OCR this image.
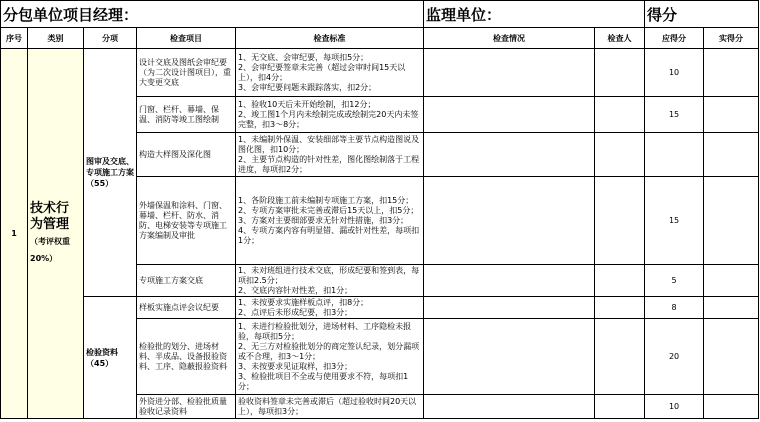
分包单位项目经理：					监理单位：		得分	
序号	类别	分项	检查项目	检查标准	检查情况	检查人	应得分	实得分
1	技术行为管理（考评权重20%）	图审及交底、专项施工方案（55）	设计交底及图纸会审纪要（为二次设计图项目），重大变更交底	1、无交底、会审纪要，每项扣5分；
2、会审纪要签章未完善（超过会审时间15天以上），扣4分；
3、会审纪要问题未跟踪落实，扣2分；			10	
			门窗、栏杆、幕墙、保温、消防等竣工图绘制	1、验收10天后未开始绘制，扣12分；
2、竣工图1个月内未绘制完成或绘制完20天内未签完整，扣3～8分；			15	
			构造大样图及深化图	1、未编制外保温、安装细部等主要节点构造图说及图化图，扣10分；
2、主要节点构造的针对性差，图化图绘制落于工程进度，每项扣2分；				

			外墙保温和涂料、门窗、幕墙、栏杆、防水、消防、电梯安装等专项施工方案编制及审批	1、各阶段施工前未编制专项施工方案，扣15分；
2、专项方案审批未完善或滞后15天以上，扣5分；
3、方案对主要细部要求无针对性措施，扣3分；
4、专项方案内容有明显错、漏或针对性差，每项扣1分；			15	
			专项施工方案交底	1、未对班组进行技术交底，形成纪要和签到表，每项扣2.5分；
2、交底内容针对性差，扣1分；			5	
		检验资料（45）	样板实施点评会议纪要	1、未按要求实施样板点评，扣8分；
2、点评后未形成纪要，扣3分；			8	
			检验批的划分、进场材料、半成品、设备报验资料、工序、隐蔽报验资料	1、未进行检验批划分，进场材料、工序隐检未报验，每项扣5分；
2、无三方对检验批划分的商定签认纪录，划分漏项或不合理，扣3～1分；
3、未按要求见证取样，扣3分；
3、检验批项目不全或与使用要求不符，每项扣1分；			20	
			外资进分部、检验批质量验收记录资料	验收资料签章未完善或滞后（超过验收时间20天以上），每项扣3分；			10	
